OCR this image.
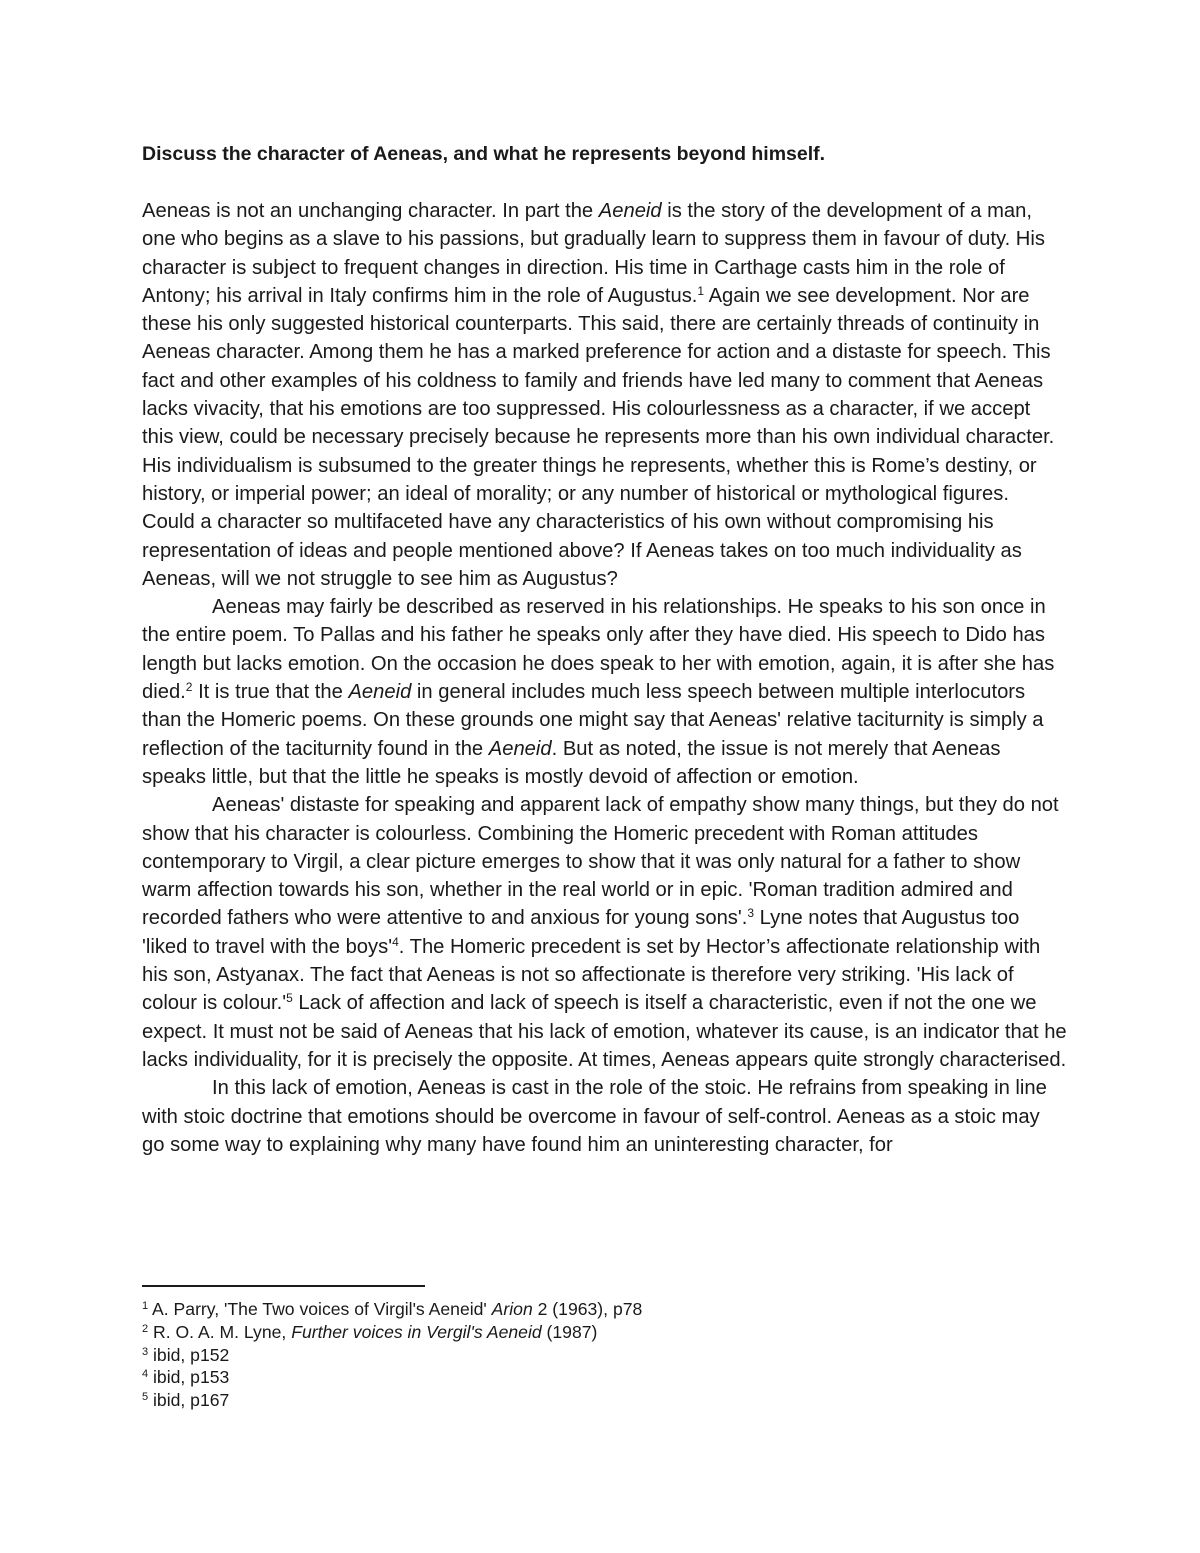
Discuss the character of Aeneas, and what he represents beyond himself.

Aeneas is not an unchanging character. In part the Aeneid is the story of the development of a man, one who begins as a slave to his passions, but gradually learn to suppress them in favour of duty. His character is subject to frequent changes in direction. His time in Carthage casts him in the role of Antony; his arrival in Italy confirms him in the role of Augustus.$^1$ Again we see development. Nor are these his only suggested historical counterparts. This said, there are certainly threads of continuity in Aeneas character. Among them he has a marked preference for action and a distaste for speech. This fact and other examples of his coldness to family and friends have led many to comment that Aeneas lacks vivacity, that his emotions are too suppressed. His colourlessness as a character, if we accept this view, could be necessary precisely because he represents more than his own individual character. His individualism is subsumed to the greater things he represents, whether this is Rome’s destiny, or history, or imperial power; an ideal of morality; or any number of historical or mythological figures. Could a character so multifaceted have any characteristics of his own without compromising his representation of ideas and people mentioned above? If Aeneas takes on too much individuality as Aeneas, will we not struggle to see him as Augustus?

Aeneas may fairly be described as reserved in his relationships. He speaks to his son once in the entire poem. To Pallas and his father he speaks only after they have died. His speech to Dido has length but lacks emotion. On the occasion he does speak to her with emotion, again, it is after she has died.$^2$ It is true that the Aeneid in general includes much less speech between multiple interlocutors than the Homeric poems. On these grounds one might say that Aeneas' relative taciturnity is simply a reflection of the taciturnity found in the Aeneid. But as noted, the issue is not merely that Aeneas speaks little, but that the little he speaks is mostly devoid of affection or emotion.

Aeneas' distaste for speaking and apparent lack of empathy show many things, but they do not show that his character is colourless. Combining the Homeric precedent with Roman attitudes contemporary to Virgil, a clear picture emerges to show that it was only natural for a father to show warm affection towards his son, whether in the real world or in epic. 'Roman tradition admired and recorded fathers who were attentive to and anxious for young sons'.$^3$ Lyne notes that Augustus too 'liked to travel with the $boys'^4$. The Homeric precedent is set by Hector’s affectionate relationship with his son, Astyanax. The fact that Aeneas is not so affectionate is therefore very striking. 'His lack of colour is $colour.'^5$ Lack of affection and lack of speech is itself a characteristic, even if not the one we expect. It must not be said of Aeneas that his lack of emotion, whatever its cause, is an indicator that he lacks individuality, for it is precisely the opposite. At times, Aeneas appears quite strongly characterised.

In this lack of emotion, Aeneas is cast in the role of the stoic. He refrains from speaking in line with stoic doctrine that emotions should be overcome in favour of self-control. Aeneas as a stoic may go some way to explaining why many have found him an uninteresting character, for

$^1$ A. Parry, 'The Two voices of Virgil's Aeneid' Arion 2 (1963), p78
$^2$ R. O. A. M. Lyne, Further voices in Vergil's Aeneid (1987)
$^3$ ibid, p152
$^4$ ibid, p153
$^5$ ibid, p167
